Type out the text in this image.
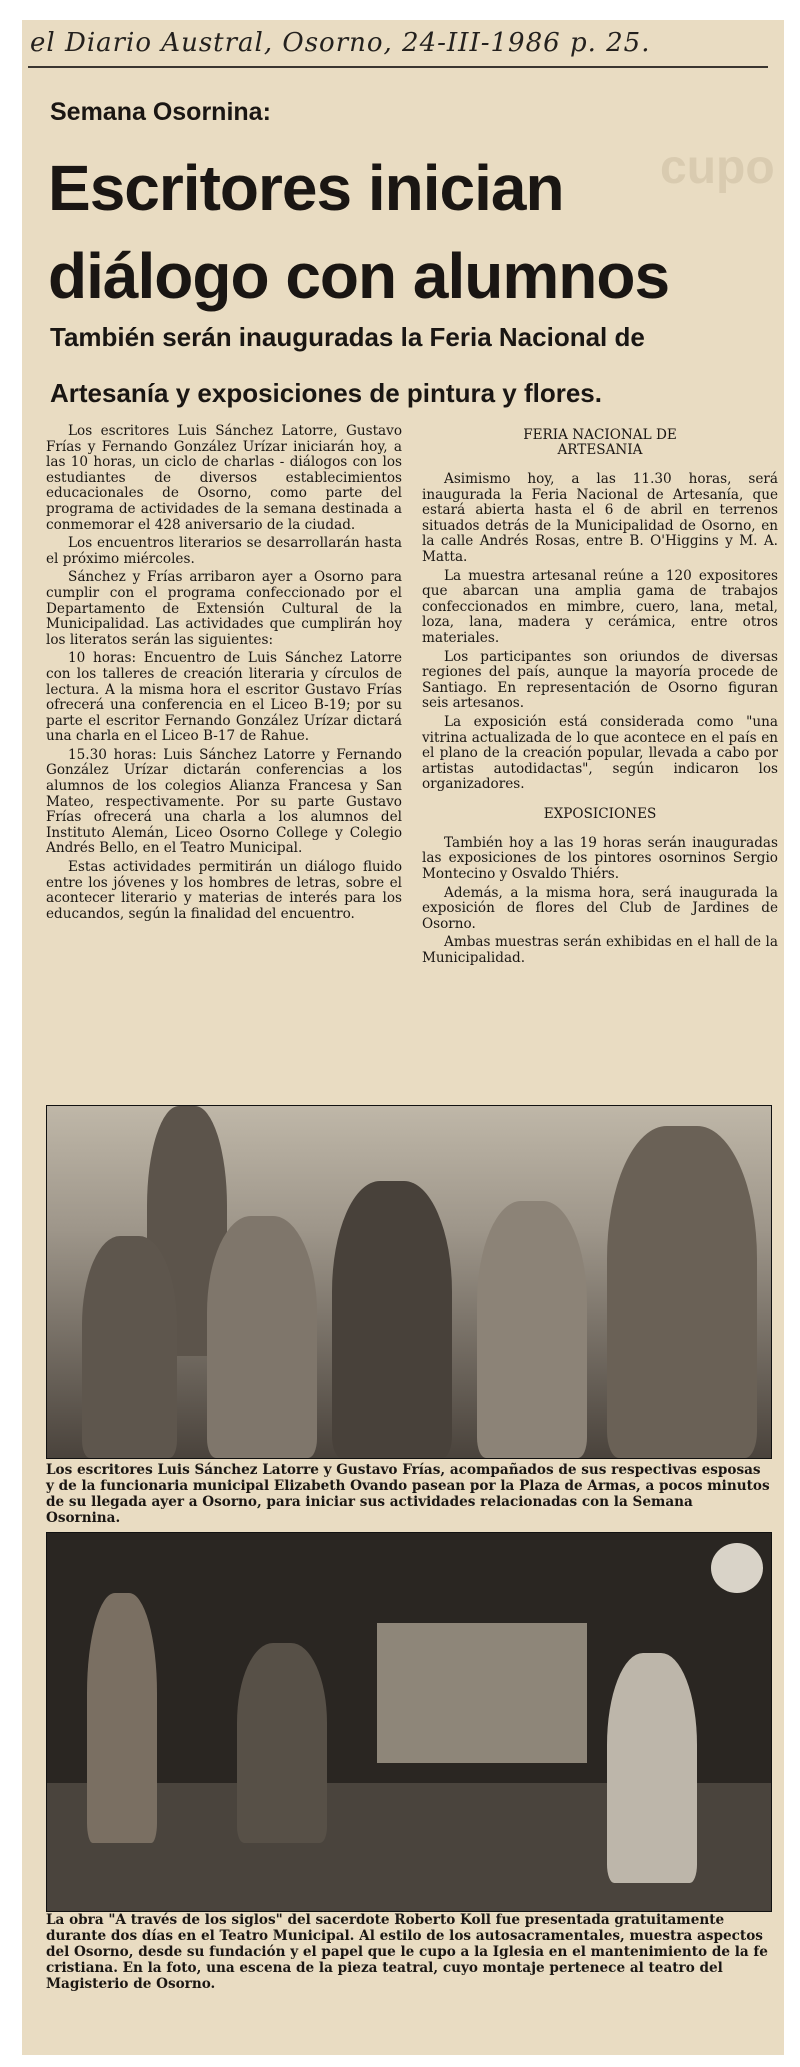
el Diario Austral, Osorno, 24-III-1986 p. 25.
cupo
Semana Osornina:
Escritores inician
diálogo con alumnos
También serán inauguradas la Feria Nacional de
Artesanía y exposiciones de pintura y flores.

Los escritores Luis Sánchez Latorre, Gustavo Frías y Fernando González Urízar iniciarán hoy, a las 10 horas, un ciclo de charlas - diálogos con los estudiantes de diversos establecimientos educacionales de Osorno, como parte del programa de actividades de la semana destinada a conmemorar el 428 aniversario de la ciudad.

Los encuentros literarios se desarrollarán hasta el próximo miércoles.

Sánchez y Frías arribaron ayer a Osorno para cumplir con el programa confeccionado por el Departamento de Extensión Cultural de la Municipalidad. Las actividades que cumplirán hoy los literatos serán las siguientes:

10 horas: Encuentro de Luis Sánchez Latorre con los talleres de creación literaria y círculos de lectura. A la misma hora el escritor Gustavo Frías ofrecerá una conferencia en el Liceo B-19; por su parte el escritor Fernando González Urízar dictará una charla en el Liceo B-17 de Rahue.

15.30 horas: Luis Sánchez Latorre y Fernando González Urízar dictarán conferencias a los alumnos de los colegios Alianza Francesa y San Mateo, respectivamente. Por su parte Gustavo Frías ofrecerá una charla a los alumnos del Instituto Alemán, Liceo Osorno College y Colegio Andrés Bello, en el Teatro Municipal.

Estas actividades permitirán un diálogo fluido entre los jóvenes y los hombres de letras, sobre el acontecer literario y materias de interés para los educandos, según la finalidad del encuentro.

FERIA NACIONAL DE ARTESANIA

Asimismo hoy, a las 11.30 horas, será inaugurada la Feria Nacional de Artesanía, que estará abierta hasta el 6 de abril en terrenos situados detrás de la Municipalidad de Osorno, en la calle Andrés Rosas, entre B. O'Higgins y M. A. Matta.

La muestra artesanal reúne a 120 expositores que abarcan una amplia gama de trabajos confeccionados en mimbre, cuero, lana, metal, loza, lana, madera y cerámica, entre otros materiales.

Los participantes son oriundos de diversas regiones del país, aunque la mayoría procede de Santiago. En representación de Osorno figuran seis artesanos.

La exposición está considerada como "una vitrina actualizada de lo que acontece en el país en el plano de la creación popular, llevada a cabo por artistas autodidactas", según indicaron los organizadores.

EXPOSICIONES

También hoy a las 19 horas serán inauguradas las exposiciones de los pintores osorninos Sergio Montecino y Osvaldo Thiérs.

Además, a la misma hora, será inaugurada la exposición de flores del Club de Jardines de Osorno.

Ambas muestras serán exhibidas en el hall de la Municipalidad.

Los escritores Luis Sánchez Latorre y Gustavo Frías, acompañados de sus respectivas esposas y de la funcionaria municipal Elizabeth Ovando pasean por la Plaza de Armas, a pocos minutos de su llegada ayer a Osorno, para iniciar sus actividades relacionadas con la Semana Osornina.
La obra "A través de los siglos" del sacerdote Roberto Koll fue presentada gratuitamente durante dos días en el Teatro Municipal. Al estilo de los autosacramentales, muestra aspectos del Osorno, desde su fundación y el papel que le cupo a la Iglesia en el mantenimiento de la fe cristiana. En la foto, una escena de la pieza teatral, cuyo montaje pertenece al teatro del Magisterio de Osorno.
